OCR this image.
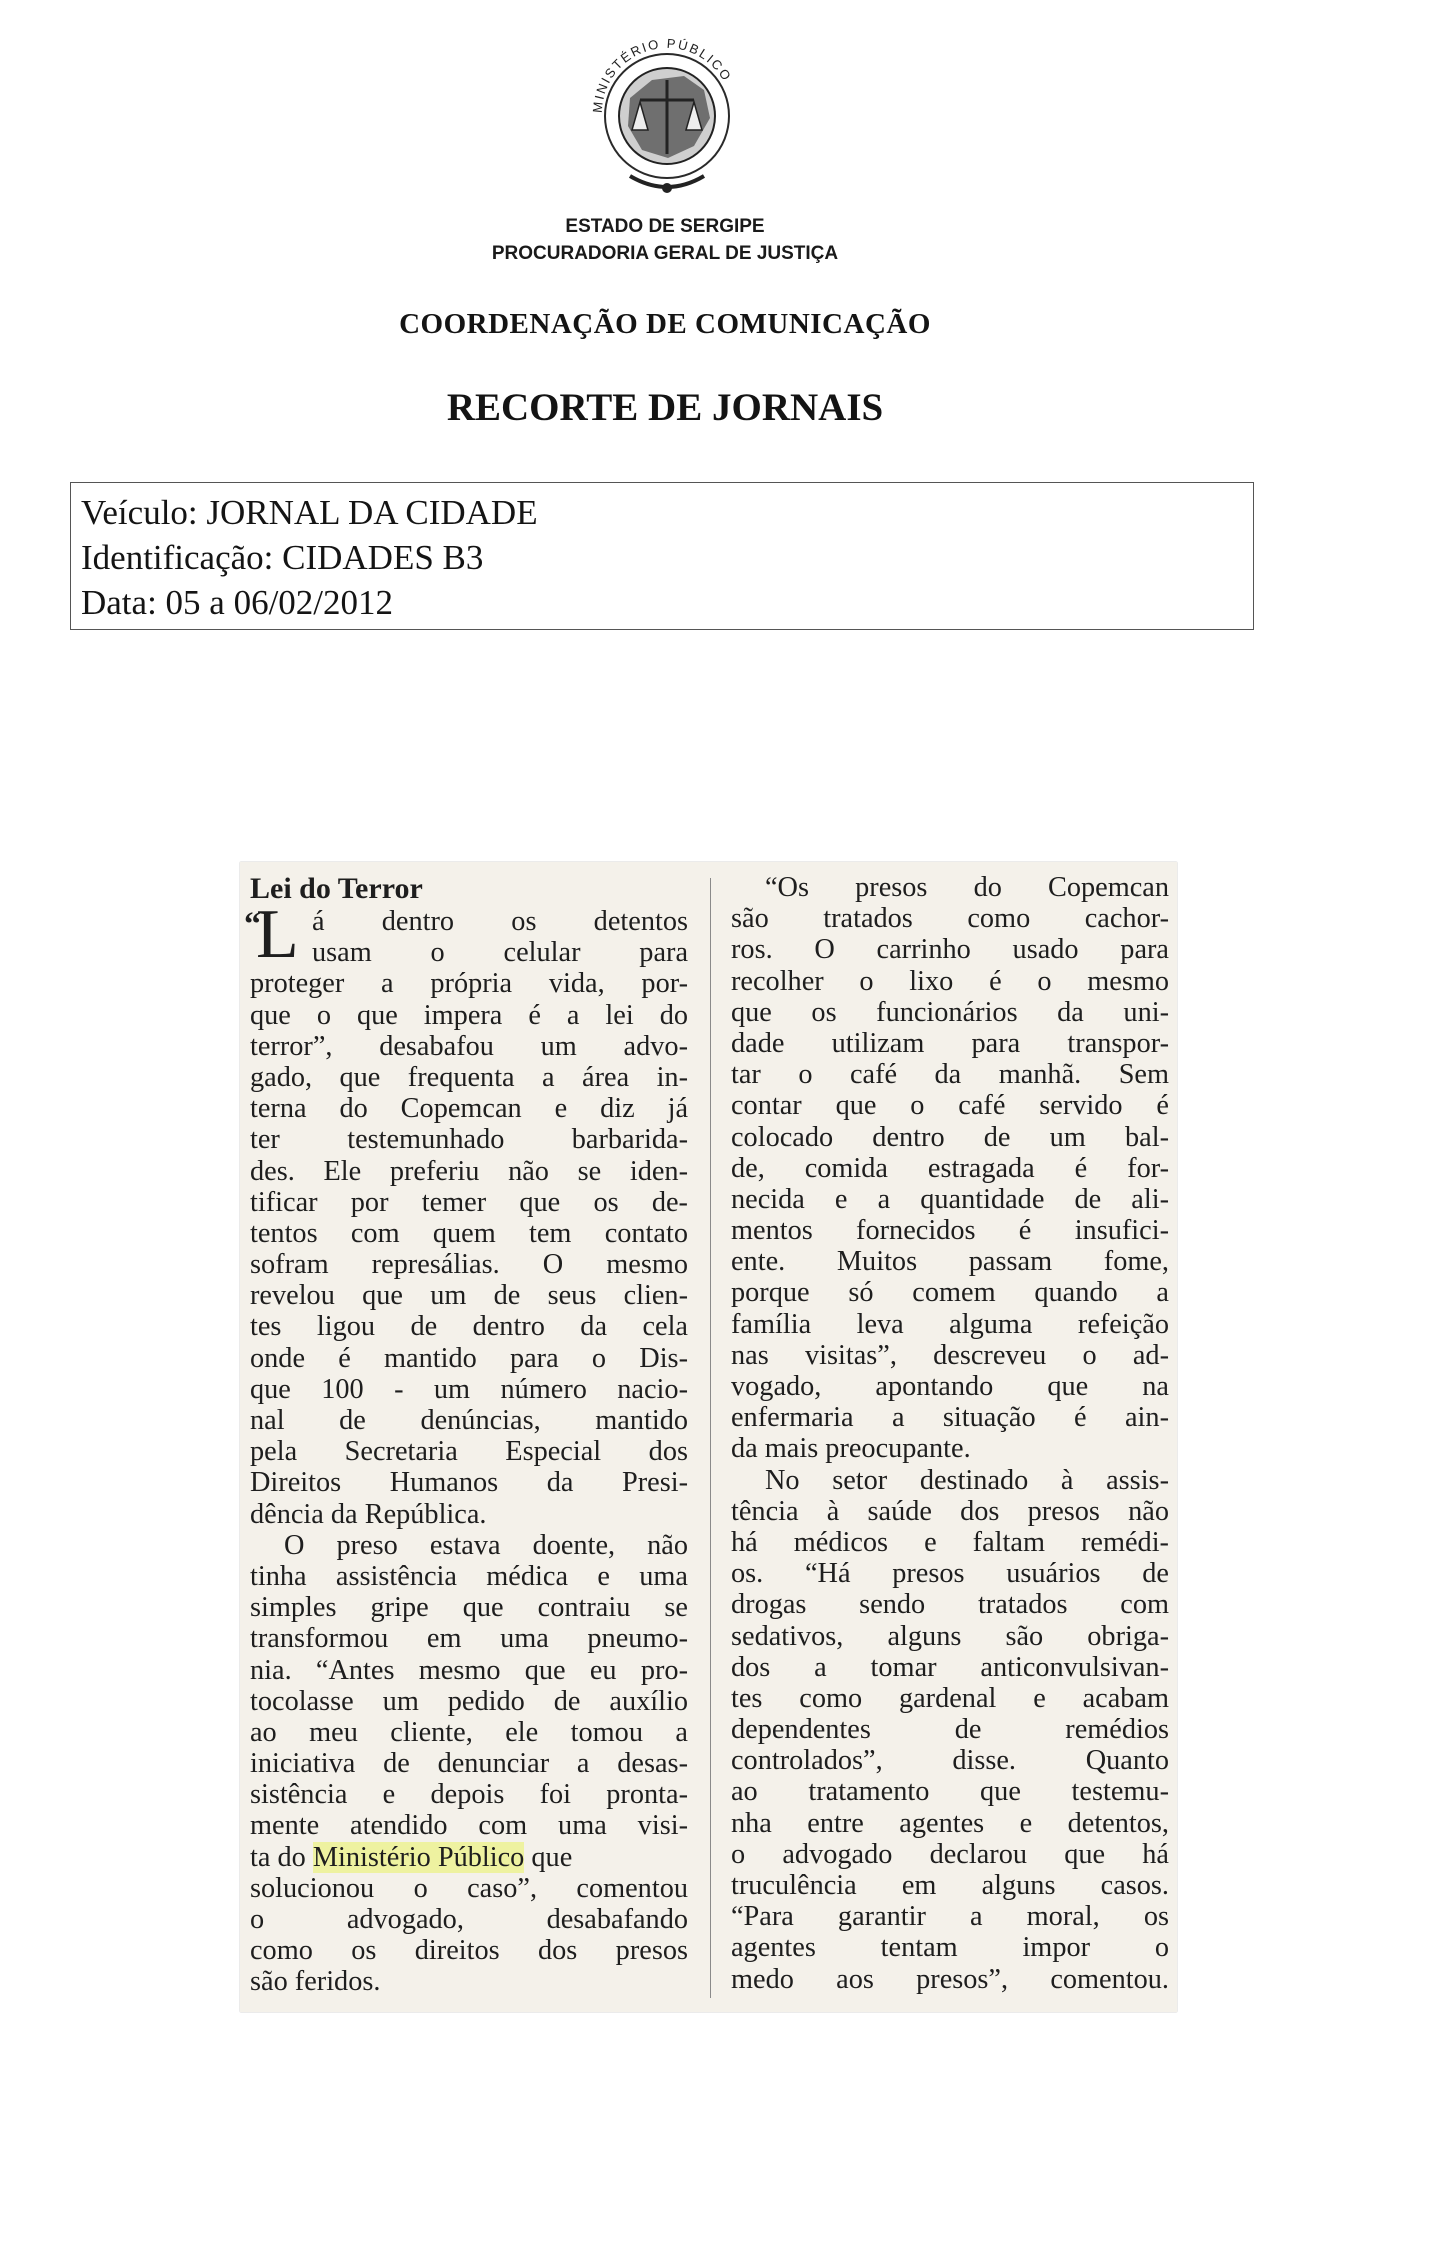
MINISTÉRIO PÚBLICO
ESTADO DE SERGIPE
PROCURADORIA GERAL DE JUSTIÇA
COORDENAÇÃO DE COMUNICAÇÃO
RECORTE DE JORNAIS
Veículo: JORNAL DA CIDADE
Identificação: CIDADES B3
Data: 05 a 06/02/2012
Lei do Terror
“
L á dentro os detentos
usam o celular para
proteger a própria vida, por-
que o que impera é a lei do
terror”, desabafou um advo-
gado, que frequenta a área in-
terna do Copemcan e diz já
ter testemunhado barbarida-
des. Ele preferiu não se iden-
tificar por temer que os de-
tentos com quem tem contato
sofram represálias. O mesmo
revelou que um de seus clien-
tes ligou de dentro da cela
onde é mantido para o Dis-
que 100 - um número nacio-
nal de denúncias, mantido
pela Secretaria Especial dos
Direitos Humanos da Presi-
dência da República.
O preso estava doente, não
tinha assistência médica e uma
simples gripe que contraiu se
transformou em uma pneumo-
nia. “Antes mesmo que eu pro-
tocolasse um pedido de auxílio
ao meu cliente, ele tomou a
iniciativa de denunciar a desas-
sistência e depois foi pronta-
mente atendido com uma visi-
ta do Ministério Público que
solucionou o caso”, comentou
o advogado, desabafando
como os direitos dos presos
são feridos.
“Os presos do Copemcan
são tratados como cachor-
ros. O carrinho usado para
recolher o lixo é o mesmo
que os funcionários da uni-
dade utilizam para transpor-
tar o café da manhã. Sem
contar que o café servido é
colocado dentro de um bal-
de, comida estragada é for-
necida e a quantidade de ali-
mentos fornecidos é insufici-
ente. Muitos passam fome,
porque só comem quando a
família leva alguma refeição
nas visitas”, descreveu o ad-
vogado, apontando que na
enfermaria a situação é ain-
da mais preocupante.
No setor destinado à assis-
tência à saúde dos presos não
há médicos e faltam remédi-
os. “Há presos usuários de
drogas sendo tratados com
sedativos, alguns são obriga-
dos a tomar anticonvulsivan-
tes como gardenal e acabam
dependentes de remédios
controlados”, disse. Quanto
ao tratamento que testemu-
nha entre agentes e detentos,
o advogado declarou que há
truculência em alguns casos.
“Para garantir a moral, os
agentes tentam impor o
medo aos presos”, comentou.
